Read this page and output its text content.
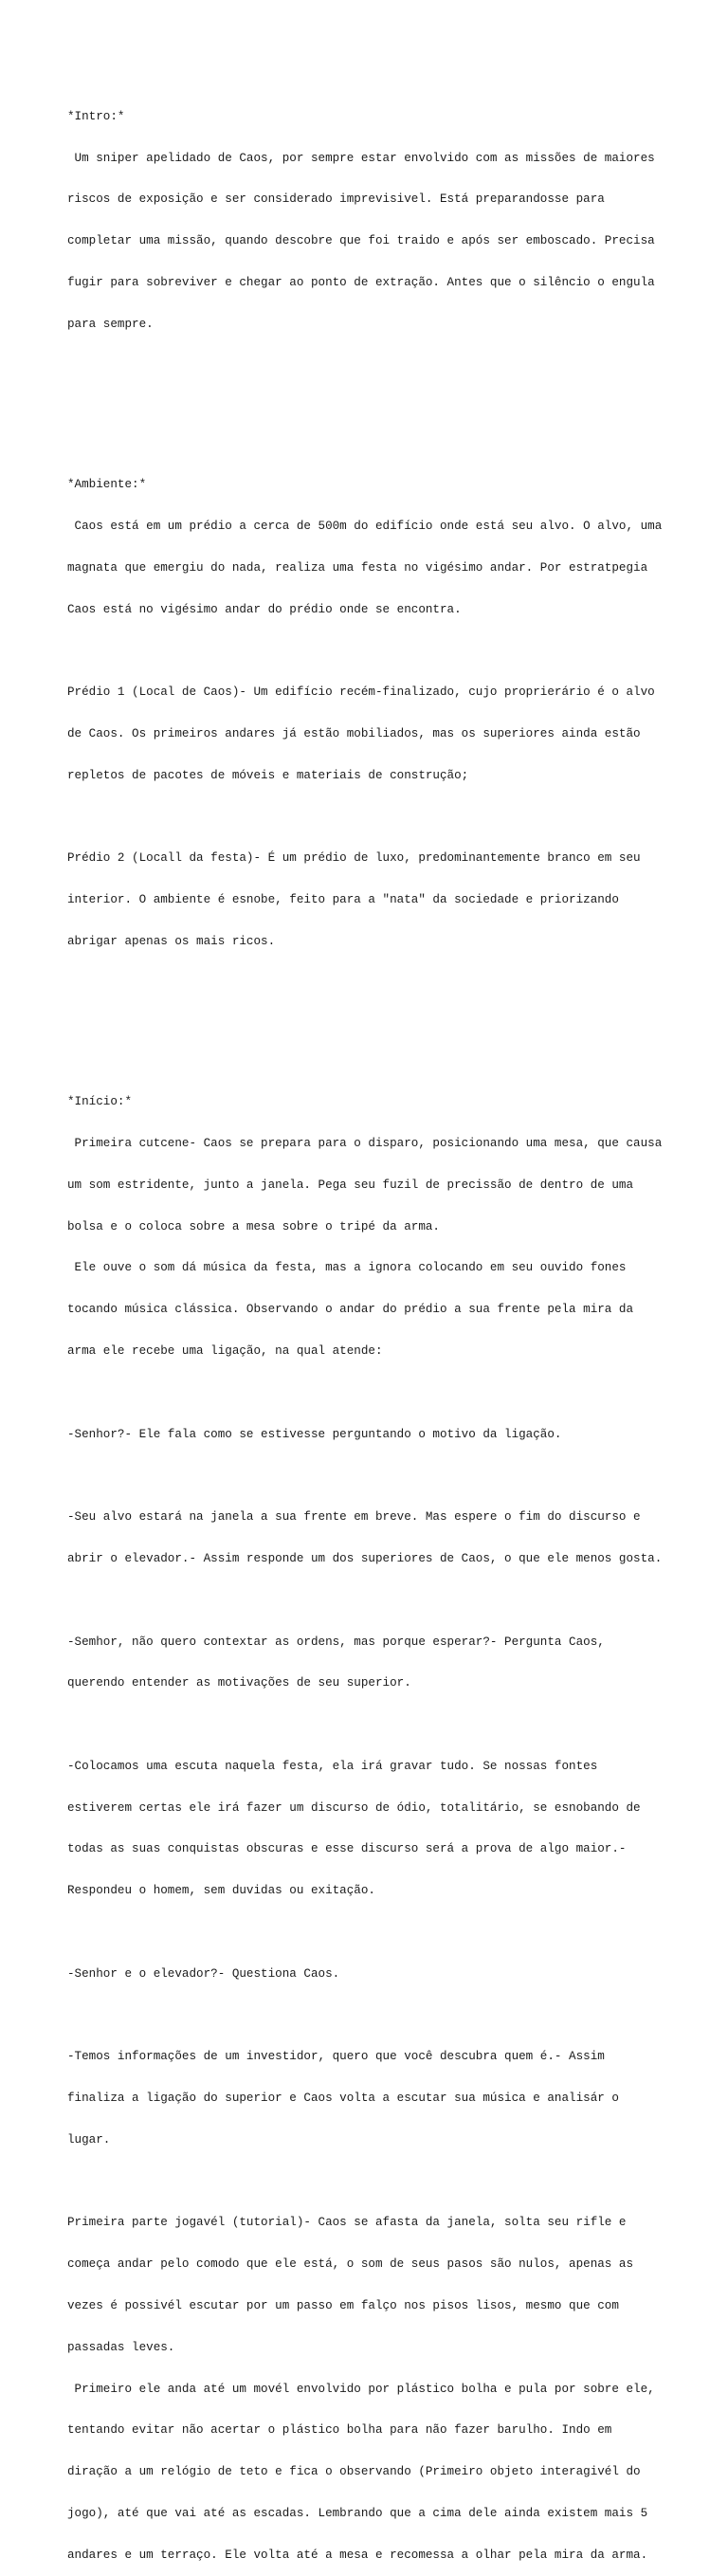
*Intro:*

Um sniper apelidado de Caos, por sempre estar envolvido com as missões de maiores

riscos de exposição e ser considerado imprevisivel. Está preparandosse para

completar uma missão, quando descobre que foi traido e após ser emboscado. Precisa

fugir para sobreviver e chegar ao ponto de extração. Antes que o silêncio o engula

para sempre.

*Ambiente:*

Caos está em um prédio a cerca de 500m do edifício onde está seu alvo. O alvo, uma

magnata que emergiu do nada, realiza uma festa no vigésimo andar. Por estratpegia

Caos está no vigésimo andar do prédio onde se encontra.

Prédio 1 (Local de Caos)- Um edifício recém-finalizado, cujo proprierário é o alvo

de Caos. Os primeiros andares já estão mobiliados, mas os superiores ainda estão

repletos de pacotes de móveis e materiais de construção;

Prédio 2 (Locall da festa)- É um prédio de luxo, predominantemente branco em seu

interior. O ambiente é esnobe, feito para a "nata" da sociedade e priorizando

abrigar apenas os mais ricos.

*Início:*

Primeira cutcene- Caos se prepara para o disparo, posicionando uma mesa, que causa

um som estridente, junto a janela. Pega seu fuzil de precissão de dentro de uma

bolsa e o coloca sobre a mesa sobre o tripé da arma.

Ele ouve o som dá música da festa, mas a ignora colocando em seu ouvido fones

tocando música clássica. Observando o andar do prédio a sua frente pela mira da

arma ele recebe uma ligação, na qual atende:

-Senhor?- Ele fala como se estivesse perguntando o motivo da ligação.

-Seu alvo estará na janela a sua frente em breve. Mas espere o fim do discurso e

abrir o elevador.- Assim responde um dos superiores de Caos, o que ele menos gosta.

-Semhor, não quero contextar as ordens, mas porque esperar?- Pergunta Caos,

querendo entender as motivações de seu superior.

-Colocamos uma escuta naquela festa, ela irá gravar tudo. Se nossas fontes

estiverem certas ele irá fazer um discurso de ódio, totalitário, se esnobando de

todas as suas conquistas obscuras e esse discurso será a prova de algo maior.-

Respondeu o homem, sem duvidas ou exitação.

-Senhor e o elevador?- Questiona Caos.

-Temos informações de um investidor, quero que você descubra quem é.- Assim

finaliza a ligação do superior e Caos volta a escutar sua música e analisár o

lugar.

Primeira parte jogavél (tutorial)- Caos se afasta da janela, solta seu rifle e

começa andar pelo comodo que ele está, o som de seus pasos são nulos, apenas as

vezes é possivél escutar por um passo em falço nos pisos lisos, mesmo que com

passadas leves.

Primeiro ele anda até um movél envolvido por plástico bolha e pula por sobre ele,

tentando evitar não acertar o plástico bolha para não fazer barulho. Indo em

diração a um relógio de teto e fica o observando (Primeiro objeto interagivél do

jogo), até que vai até as escadas. Lembrando que a cima dele ainda existem mais 5

andares e um terraço. Ele volta até a mesa e recomessa a olhar pela mira da arma.
